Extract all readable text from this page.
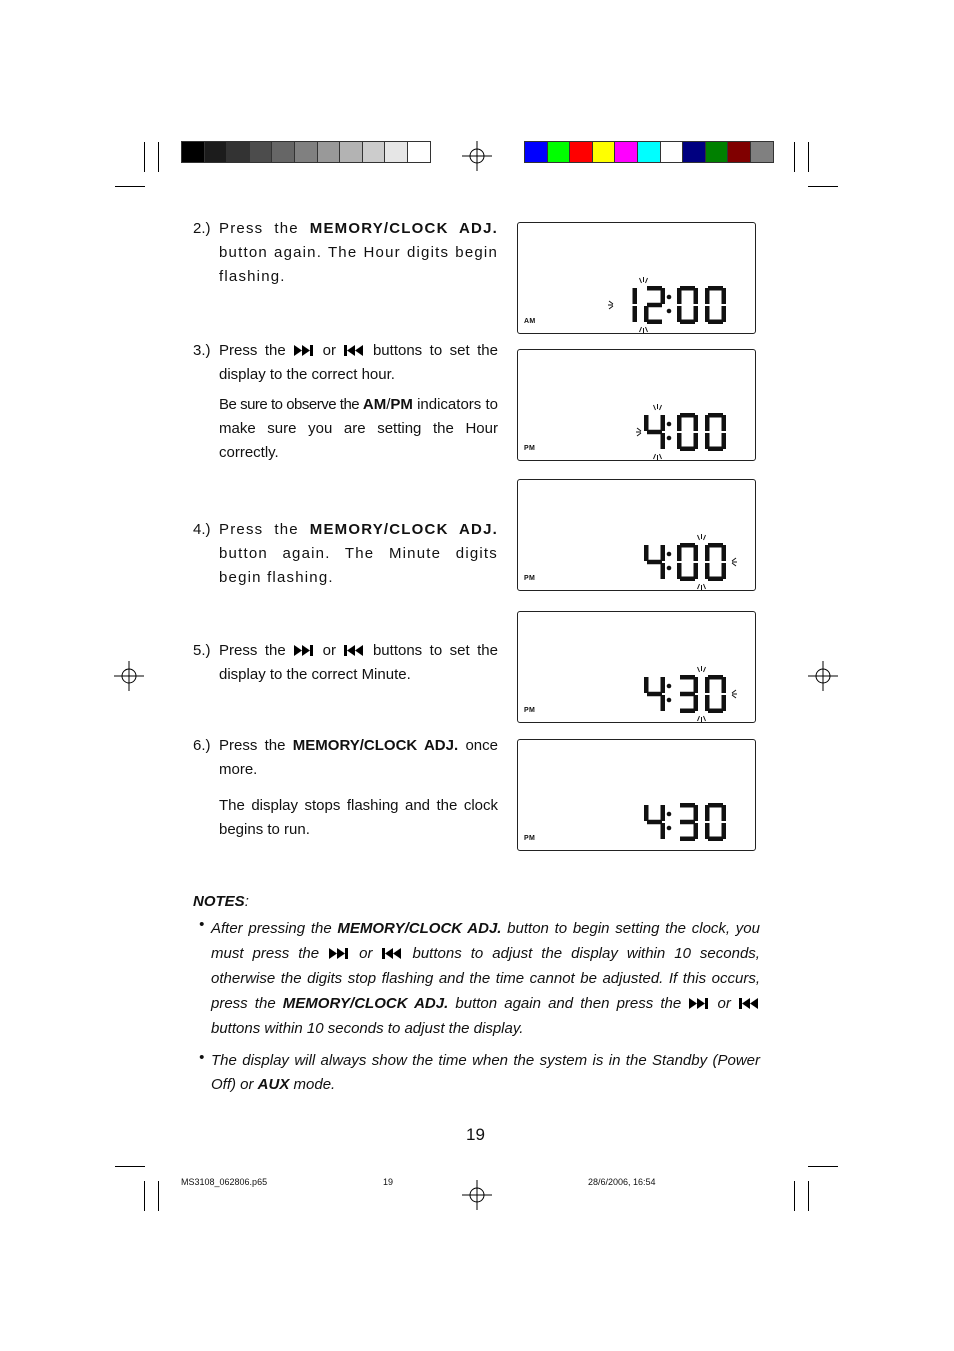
2.) Press the MEMORY/CLOCK ADJ. button again. The Hour digits begin flashing.
3.) Press the  or  buttons to set the display to the correct hour.

Be sure to observe the AM/PM indicators to make sure you are setting the Hour correctly.

4.) Press the MEMORY/CLOCK ADJ. button again. The Minute digits begin flashing.
5.) Press the  or  buttons to set the display to the correct Minute.
6.) Press the MEMORY/CLOCK ADJ. once more.

The display stops flashing and the clock begins to run.

AM
PM
PM
PM
PM
NOTES:
• After pressing the MEMORY/CLOCK ADJ. button to begin setting the clock, you must press the  or  buttons to adjust the display within 10 seconds, otherwise the digits stop flashing and the time cannot be adjusted. If this occurs, press the MEMORY/CLOCK ADJ. button again and then press the  or  buttons within 10 seconds to adjust the display.
• The display will always show the time when the system is in the Standby (Power Off) or AUX mode.
19
MS3108_062806.p65	19	28/6/2006, 16:54
